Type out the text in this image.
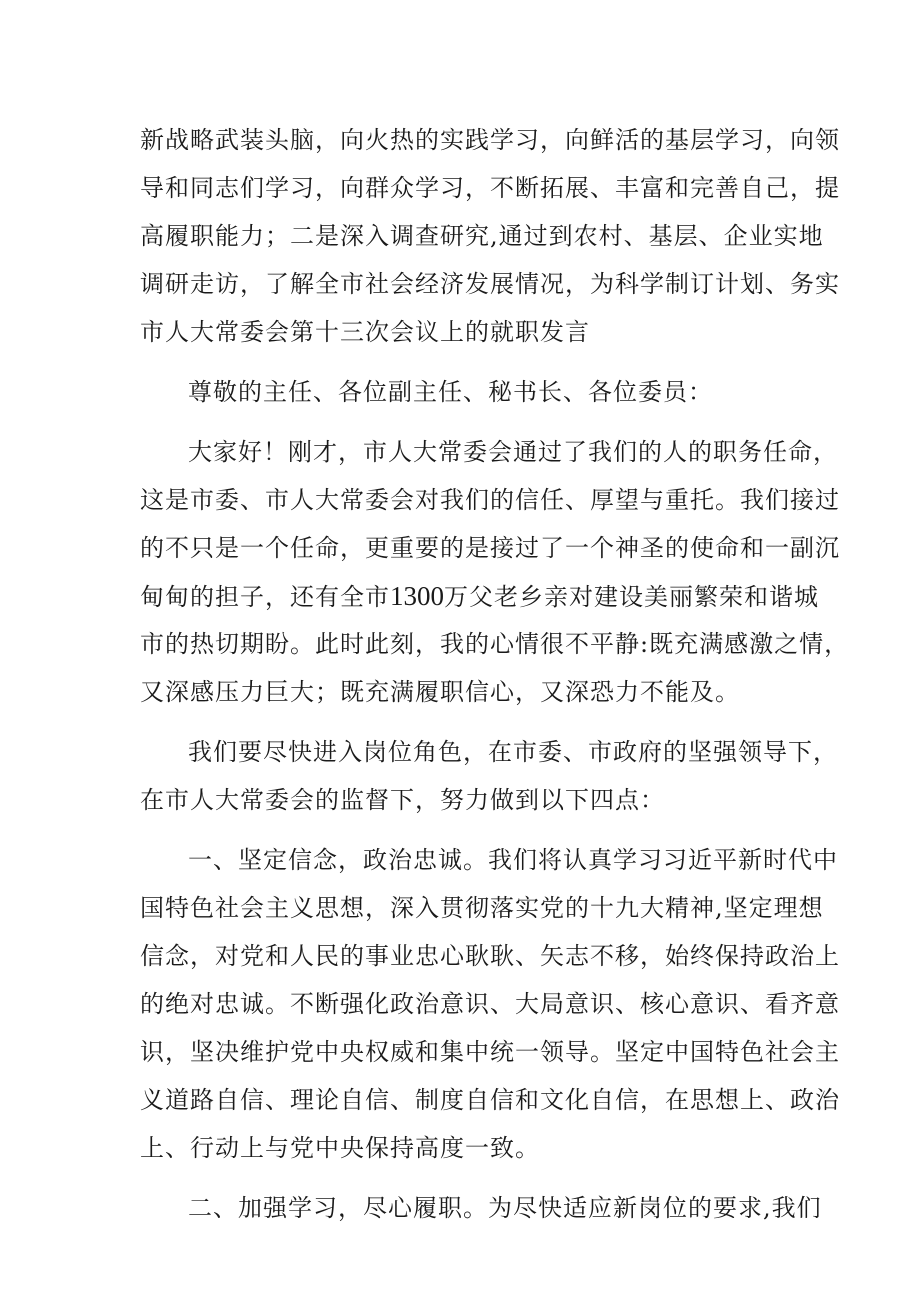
新战略武装头脑，向火热的实践学习，向鲜活的基层学习，向领
导和同志们学习，向群众学习，不断拓展、丰富和完善自己，提
高履职能力；二是深入调查研究,通过到农村、基层、企业实地
调研走访，了解全市社会经济发展情况，为科学制订计划、务实
市人大常委会第十三次会议上的就职发言
尊敬的主任、各位副主任、秘书长、各位委员：
大家好！刚才，市人大常委会通过了我们的人的职务任命，
这是市委、市人大常委会对我们的信任、厚望与重托。我们接过
的不只是一个任命，更重要的是接过了一个神圣的使命和一副沉
甸甸的担子，还有全市1300万父老乡亲对建设美丽繁荣和谐城
市的热切期盼。此时此刻，我的心情很不平静:既充满感激之情，
又深感压力巨大；既充满履职信心，又深恐力不能及。
我们要尽快进入岗位角色，在市委、市政府的坚强领导下，
在市人大常委会的监督下，努力做到以下四点：
一、坚定信念，政治忠诚。我们将认真学习习近平新时代中
国特色社会主义思想，深入贯彻落实党的十九大精神,坚定理想
信念，对党和人民的事业忠心耿耿、矢志不移，始终保持政治上
的绝对忠诚。不断强化政治意识、大局意识、核心意识、看齐意
识，坚决维护党中央权威和集中统一领导。坚定中国特色社会主
义道路自信、理论自信、制度自信和文化自信，在思想上、政治
上、行动上与党中央保持高度一致。
二、加强学习，尽心履职。为尽快适应新岗位的要求,我们
